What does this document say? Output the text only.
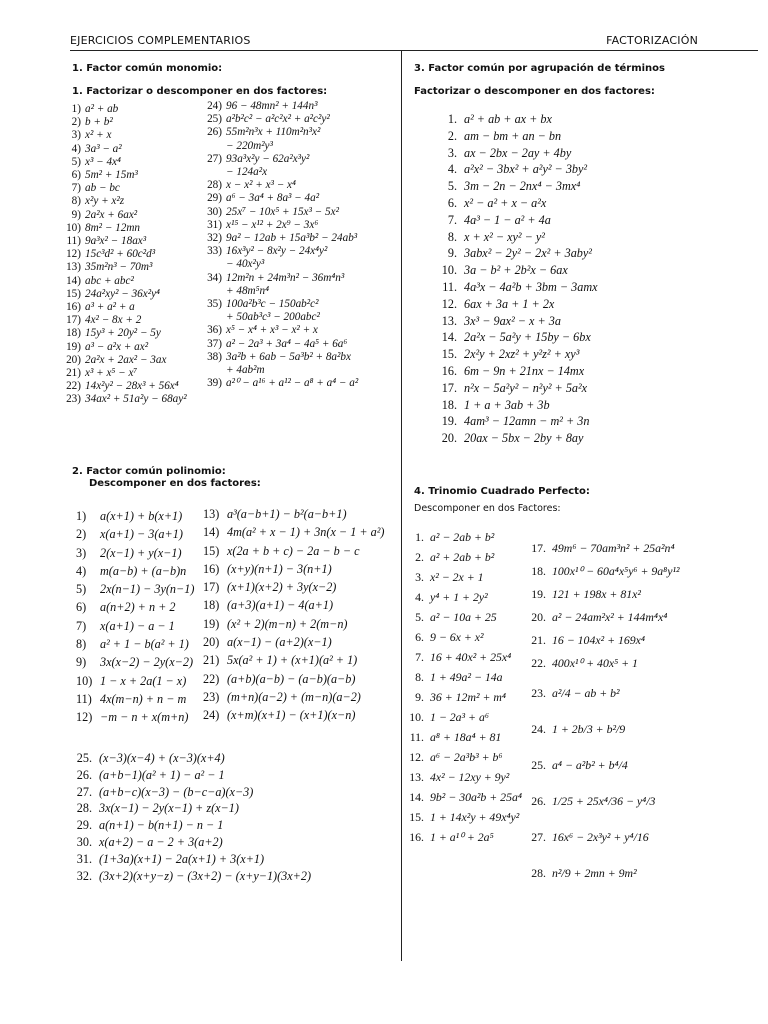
EJERCICIOS COMPLEMENTARIOS	FACTORIZACIÓN
1. Factor común monomio:
1. Factorizar o descomponer en dos factores:
1) a² + ab
2) b + b²
3) x² + x
4) 3a³ − a²
5) x³ − 4x⁴
6) 5m² + 15m³
7) ab − bc
8) x²y + x²z
9) 2a²x + 6ax²
10) 8m² − 12mn
11) 9a³x² − 18ax³
12) 15c³d² + 60c²d³
13) 35m²n³ − 70m³
14) abc + abc²
15) 24a²xy² − 36x²y⁴
16) a³ + a² + a
17) 4x² − 8x + 2
18) 15y³ + 20y² − 5y
19) a³ − a²x + ax²
20) 2a²x + 2ax² − 3ax
21) x³ + x⁵ − x⁷
22) 14x²y² − 28x³ + 56x⁴
23) 34ax² + 51a²y − 68ay²
24) 96 − 48mn² + 144n³
25) a²b²c² − a²c²x² + a²c²y²
26) 55m²n³x + 110m²n³x²
− 220m²y³
27) 93a³x²y − 62a²x³y²
− 124a²x
28) x − x² + x³ − x⁴
29) a⁶ − 3a⁴ + 8a³ − 4a²
30) 25x⁷ − 10x⁵ + 15x³ − 5x²
31) x¹⁵ − x¹² + 2x⁹ − 3x⁶
32) 9a² − 12ab + 15a³b² − 24ab³
33) 16x³y² − 8x²y − 24x⁴y²
− 40x²y³
34) 12m²n + 24m³n² − 36m⁴n³
+ 48m⁵n⁴
35) 100a²b³c − 150ab²c²
+ 50ab³c³ − 200abc²
36) x⁵ − x⁴ + x³ − x² + x
37) a² − 2a³ + 3a⁴ − 4a⁵ + 6a⁶
38) 3a²b + 6ab − 5a³b² + 8a²bx
+ 4ab²m
39) a²⁰ − a¹⁶ + a¹² − a⁸ + a⁴ − a²
2. Factor común polinomio:
Descomponer en dos factores:
1) a(x+1) + b(x+1)
2) x(a+1) − 3(a+1)
3) 2(x−1) + y(x−1)
4) m(a−b) + (a−b)n
5) 2x(n−1) − 3y(n−1)
6) a(n+2) + n + 2
7) x(a+1) − a − 1
8) a² + 1 − b(a² + 1)
9) 3x(x−2) − 2y(x−2)
10) 1 − x + 2a(1 − x)
11) 4x(m−n) + n − m
12) −m − n + x(m+n)
13) a³(a−b+1) − b²(a−b+1)
14) 4m(a² + x − 1) + 3n(x − 1 + a²)
15) x(2a + b + c) − 2a − b − c
16) (x+y)(n+1) − 3(n+1)
17) (x+1)(x+2) + 3y(x−2)
18) (a+3)(a+1) − 4(a+1)
19) (x² + 2)(m−n) + 2(m−n)
20) a(x−1) − (a+2)(x−1)
21) 5x(a² + 1) + (x+1)(a² + 1)
22) (a+b)(a−b) − (a−b)(a−b)
23) (m+n)(a−2) + (m−n)(a−2)
24) (x+m)(x+1) − (x+1)(x−n)
25. (x−3)(x−4) + (x−3)(x+4)
26. (a+b−1)(a² + 1) − a² − 1
27. (a+b−c)(x−3) − (b−c−a)(x−3)
28. 3x(x−1) − 2y(x−1) + z(x−1)
29. a(n+1) − b(n+1) − n − 1
30. x(a+2) − a − 2 + 3(a+2)
31. (1+3a)(x+1) − 2a(x+1) + 3(x+1)
32. (3x+2)(x+y−z) − (3x+2) − (x+y−1)(3x+2)
3. Factor común por agrupación de términos
Factorizar o descomponer en dos factores:
1. a² + ab + ax + bx
2. am − bm + an − bn
3. ax − 2bx − 2ay + 4by
4. a²x² − 3bx² + a²y² − 3by²
5. 3m − 2n − 2nx⁴ − 3mx⁴
6. x² − a² + x − a²x
7. 4a³ − 1 − a² + 4a
8. x + x² − xy² − y²
9. 3abx² − 2y² − 2x² + 3aby²
10. 3a − b² + 2b²x − 6ax
11. 4a³x − 4a²b + 3bm − 3amx
12. 6ax + 3a + 1 + 2x
13. 3x³ − 9ax² − x + 3a
14. 2a²x − 5a²y + 15by − 6bx
15. 2x²y + 2xz² + y²z² + xy³
16. 6m − 9n + 21nx − 14mx
17. n²x − 5a²y² − n²y² + 5a²x
18. 1 + a + 3ab + 3b
19. 4am³ − 12amn − m² + 3n
20. 20ax − 5bx − 2by + 8ay
4. Trinomio Cuadrado Perfecto:
Descomponer en dos Factores:
1. a² − 2ab + b²
2. a² + 2ab + b²
3. x² − 2x + 1
4. y⁴ + 1 + 2y²
5. a² − 10a + 25
6. 9 − 6x + x²
7. 16 + 40x² + 25x⁴
8. 1 + 49a² − 14a
9. 36 + 12m² + m⁴
10. 1 − 2a³ + a⁶
11. a⁸ + 18a⁴ + 81
12. a⁶ − 2a³b³ + b⁶
13. 4x² − 12xy + 9y²
14. 9b² − 30a²b + 25a⁴
15. 1 + 14x²y + 49x⁴y²
16. 1 + a¹⁰ + 2a⁵
17. 49m⁶ − 70am³n² + 25a²n⁴
18. 100x¹⁰ − 60a⁴x⁵y⁶ + 9a⁸y¹²
19. 121 + 198x + 81x²
20. a² − 24am²x² + 144m⁴x⁴
21. 16 − 104x² + 169x⁴
22. 400x¹⁰ + 40x⁵ + 1
23. a²/4 − ab + b²
24. 1 + 2b/3 + b²/9
25. a⁴ − a²b² + b⁴/4
26. 1/25 + 25x⁴/36 − y⁴/3
27. 16x⁶ − 2x³y² + y⁴/16
28. n²/9 + 2mn + 9m²
